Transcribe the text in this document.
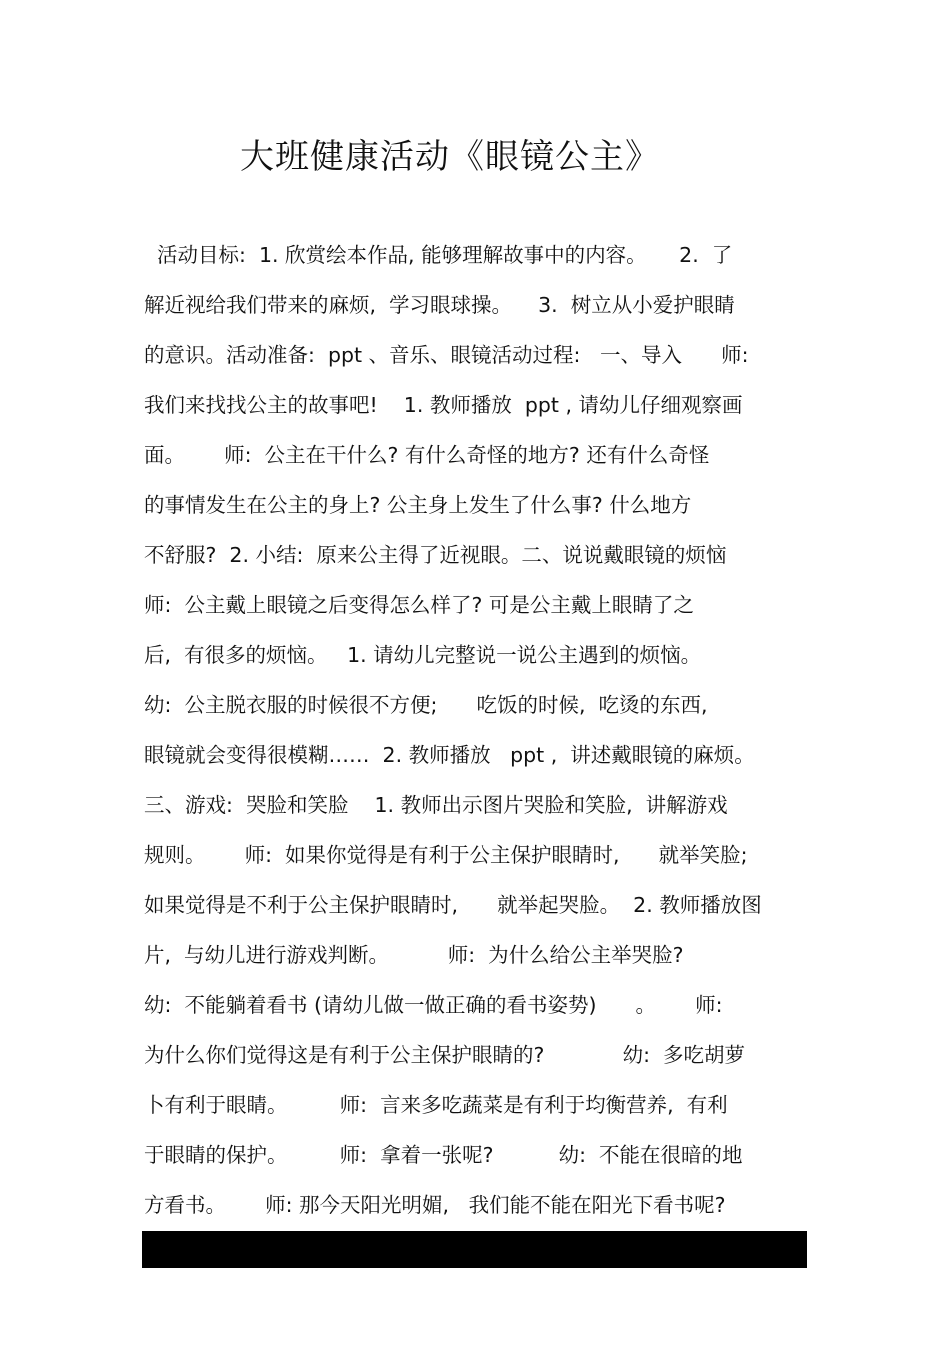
大班健康活动《眼镜公主》
活动目标:  1. 欣赏绘本作品, 能够理解故事中的内容。     2.  了
解近视给我们带来的麻烦,  学习眼球操。    3.  树立从小爱护眼睛
的意识。活动准备:  ppt 、音乐、眼镜活动过程:   一、导入      师:
我们来找找公主的故事吧!    1. 教师播放  ppt , 请幼儿仔细观察画
面。      师:  公主在干什么? 有什么奇怪的地方? 还有什么奇怪
的事情发生在公主的身上? 公主身上发生了什么事? 什么地方
不舒服?  2. 小结:  原来公主得了近视眼。二、说说戴眼镜的烦恼
师:  公主戴上眼镜之后变得怎么样了? 可是公主戴上眼睛了之
后,  有很多的烦恼。   1. 请幼儿完整说一说公主遇到的烦恼。
幼:  公主脱衣服的时候很不方便;      吃饭的时候,  吃烫的东西,
眼镜就会变得很模糊……  2. 教师播放   ppt ,  讲述戴眼镜的麻烦。
三、游戏:  哭脸和笑脸    1. 教师出示图片哭脸和笑脸,  讲解游戏
规则。      师:  如果你觉得是有利于公主保护眼睛时,      就举笑脸;
如果觉得是不利于公主保护眼睛时,      就举起哭脸。  2. 教师播放图
片,  与幼儿进行游戏判断。         师:  为什么给公主举哭脸?
幼:  不能躺着看书 (请幼儿做一做正确的看书姿势)      。      师:
为什么你们觉得这是有利于公主保护眼睛的?            幼:  多吃胡萝
卜有利于眼睛。        师:  言来多吃蔬菜是有利于均衡营养,  有利
于眼睛的保护。        师:  拿着一张呢?          幼:  不能在很暗的地
方看书。      师: 那今天阳光明媚,   我们能不能在阳光下看书呢?
